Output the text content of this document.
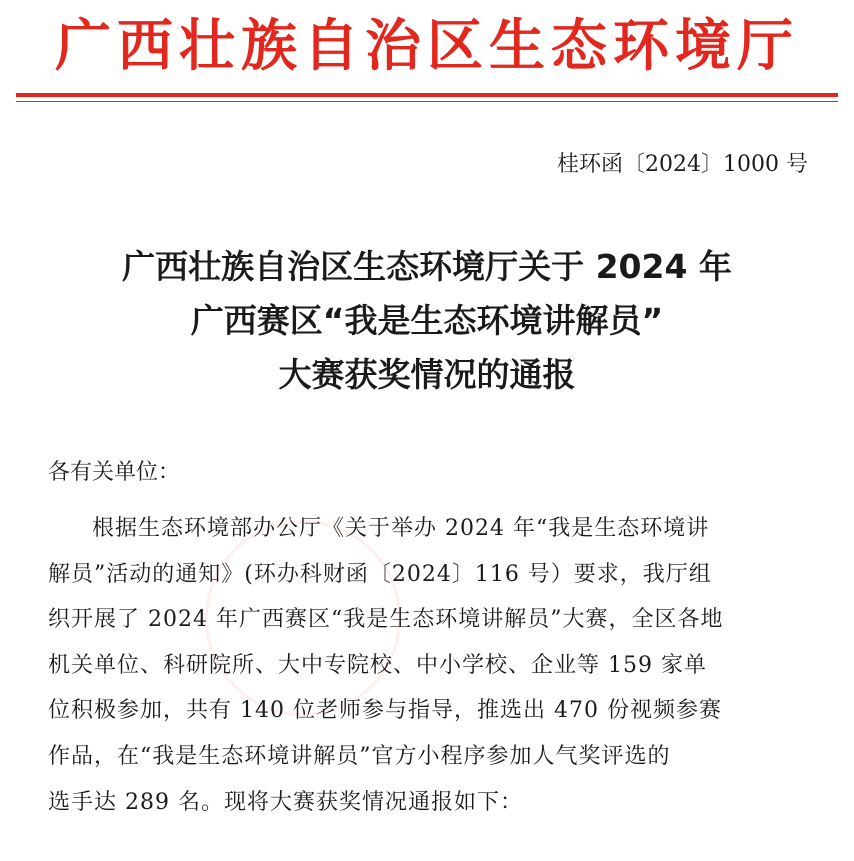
广西壮族自治区生态环境厅
桂环函〔2024〕1000 号
广西壮族自治区生态环境厅关于 2024 年
广西赛区“我是生态环境讲解员”
大赛获奖情况的通报
各有关单位：
根据生态环境部办公厅《关于举办 2024 年“我是生态环境讲
解员”活动的通知》(环办科财函〔2024〕116 号）要求，我厅组
织开展了 2024 年广西赛区“我是生态环境讲解员”大赛，全区各地
机关单位、科研院所、大中专院校、中小学校、企业等 159 家单
位积极参加，共有 140 位老师参与指导，推选出 470 份视频参赛
作品，在“我是生态环境讲解员”官方小程序参加人气奖评选的
选手达 289 名。现将大赛获奖情况通报如下：
